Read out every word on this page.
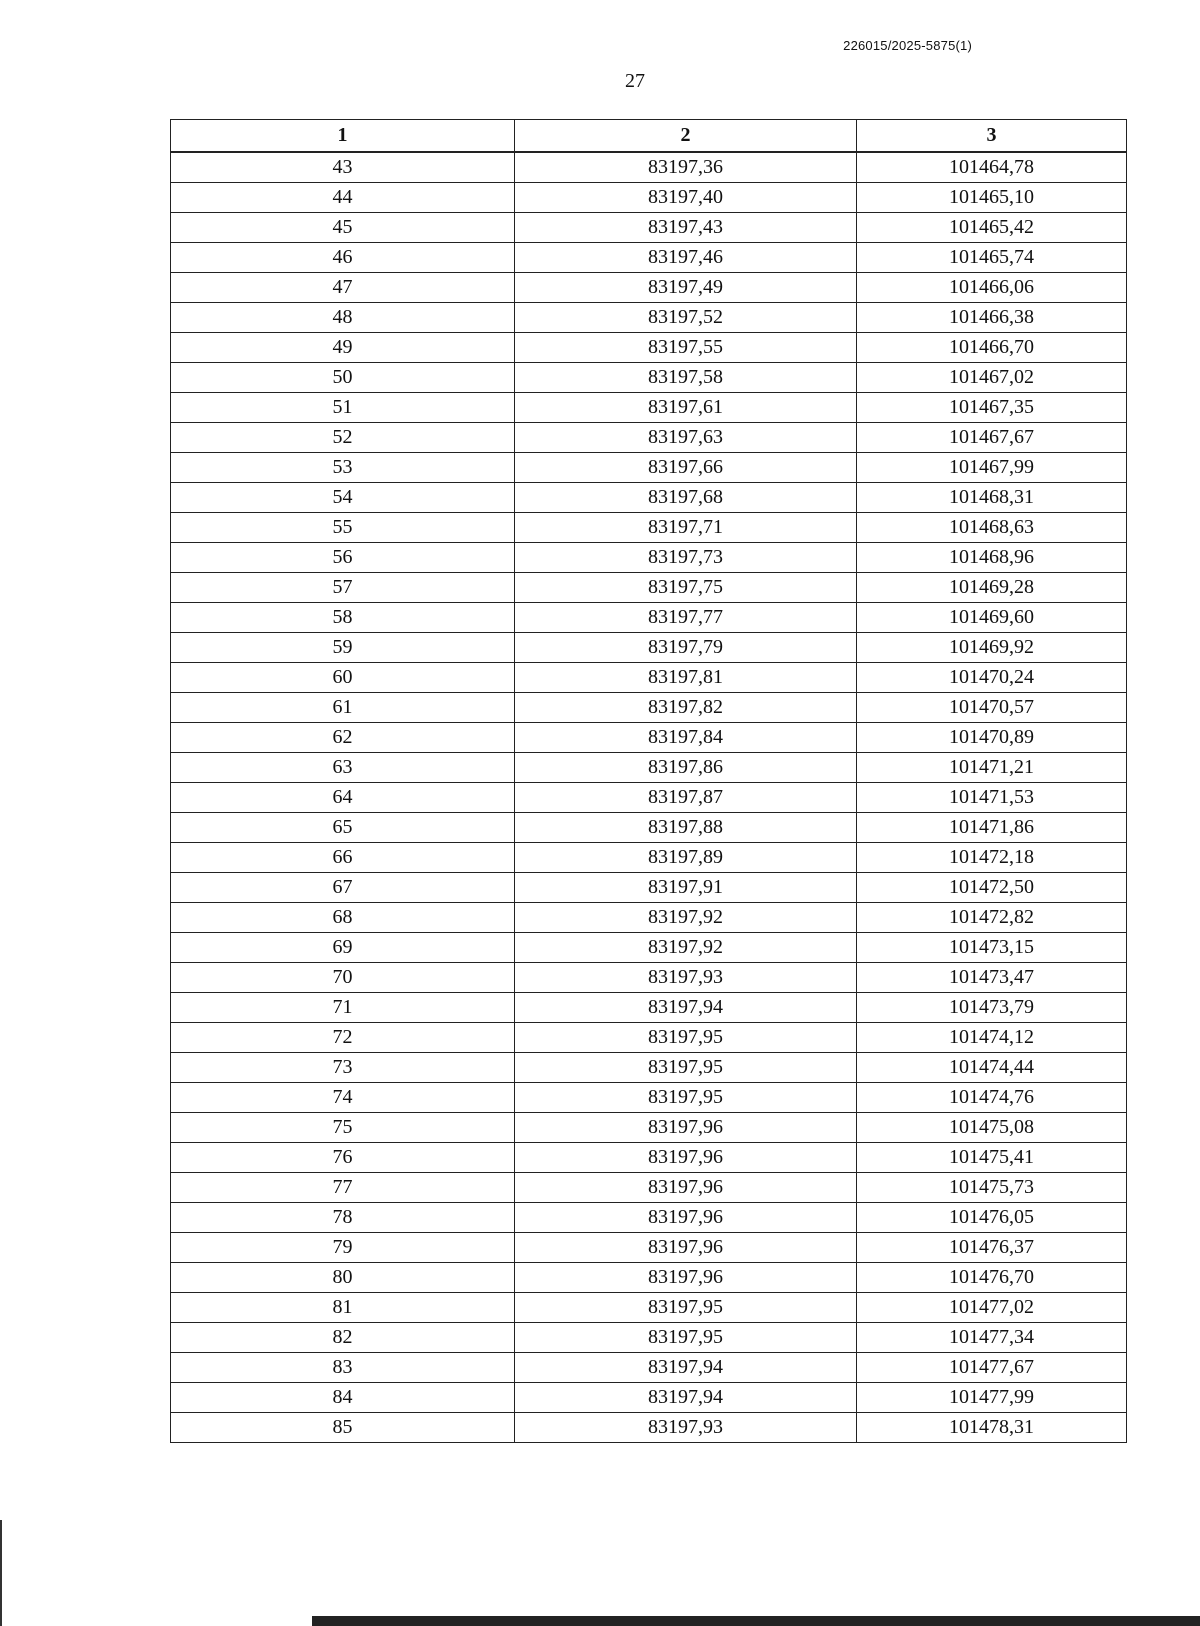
226015/2025-5875(1)
27
1	2	3
43	83197,36	101464,78
44	83197,40	101465,10
45	83197,43	101465,42
46	83197,46	101465,74
47	83197,49	101466,06
48	83197,52	101466,38
49	83197,55	101466,70
50	83197,58	101467,02
51	83197,61	101467,35
52	83197,63	101467,67
53	83197,66	101467,99
54	83197,68	101468,31
55	83197,71	101468,63
56	83197,73	101468,96
57	83197,75	101469,28
58	83197,77	101469,60
59	83197,79	101469,92
60	83197,81	101470,24
61	83197,82	101470,57
62	83197,84	101470,89
63	83197,86	101471,21
64	83197,87	101471,53
65	83197,88	101471,86
66	83197,89	101472,18
67	83197,91	101472,50
68	83197,92	101472,82
69	83197,92	101473,15
70	83197,93	101473,47
71	83197,94	101473,79
72	83197,95	101474,12
73	83197,95	101474,44
74	83197,95	101474,76
75	83197,96	101475,08
76	83197,96	101475,41
77	83197,96	101475,73
78	83197,96	101476,05
79	83197,96	101476,37
80	83197,96	101476,70
81	83197,95	101477,02
82	83197,95	101477,34
83	83197,94	101477,67
84	83197,94	101477,99
85	83197,93	101478,31
